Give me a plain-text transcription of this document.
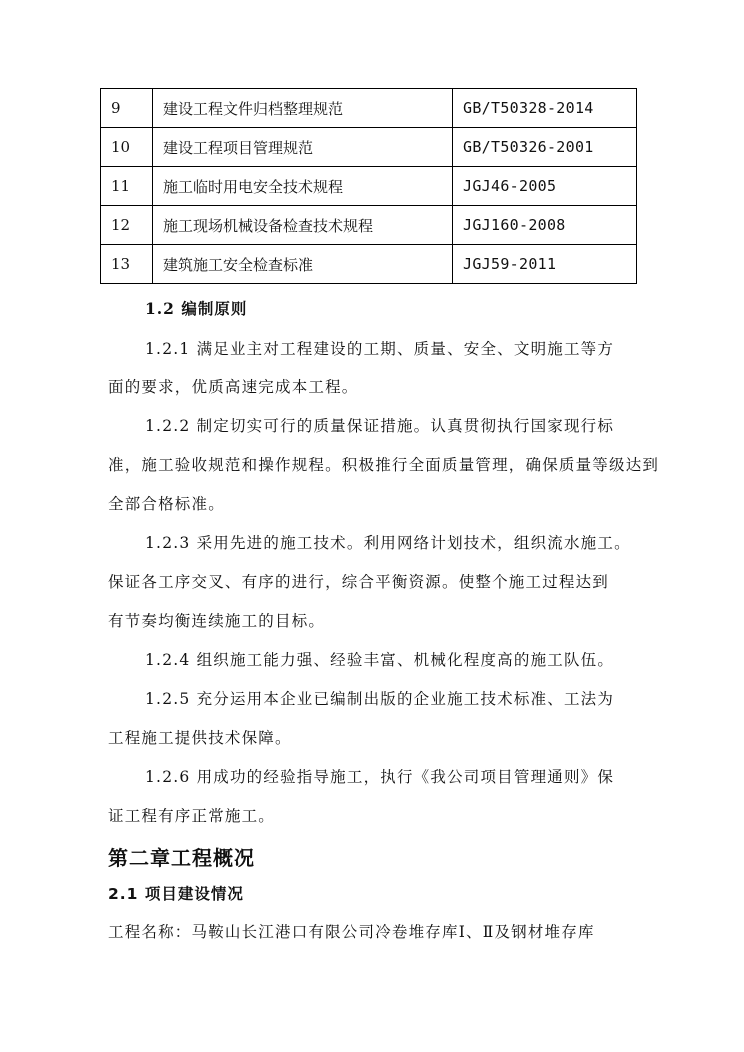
9	建设工程文件归档整理规范	GB/T50328-2014
10	建设工程项目管理规范	GB/T50326-2001
11	施工临时用电安全技术规程	JGJ46-2005
12	施工现场机械设备检查技术规程	JGJ160-2008
13	建筑施工安全检查标准	JGJ59-2011
1.2 编制原则
1.2.1 满足业主对工程建设的工期、质量、安全、文明施工等方
面的要求，优质高速完成本工程。
1.2.2 制定切实可行的质量保证措施。认真贯彻执行国家现行标
准，施工验收规范和操作规程。积极推行全面质量管理，确保质量等级达到
全部合格标准。
1.2.3 采用先进的施工技术。利用网络计划技术，组织流水施工。
保证各工序交叉、有序的进行，综合平衡资源。使整个施工过程达到
有节奏均衡连续施工的目标。
1.2.4 组织施工能力强、经验丰富、机械化程度高的施工队伍。
1.2.5 充分运用本企业已编制出版的企业施工技术标准、工法为
工程施工提供技术保障。
1.2.6 用成功的经验指导施工，执行《我公司项目管理通则》保
证工程有序正常施工。
第二章工程概况
2.1 项目建设情况
工程名称：马鞍山长江港口有限公司冷卷堆存库Ⅰ、Ⅱ及钢材堆存库
